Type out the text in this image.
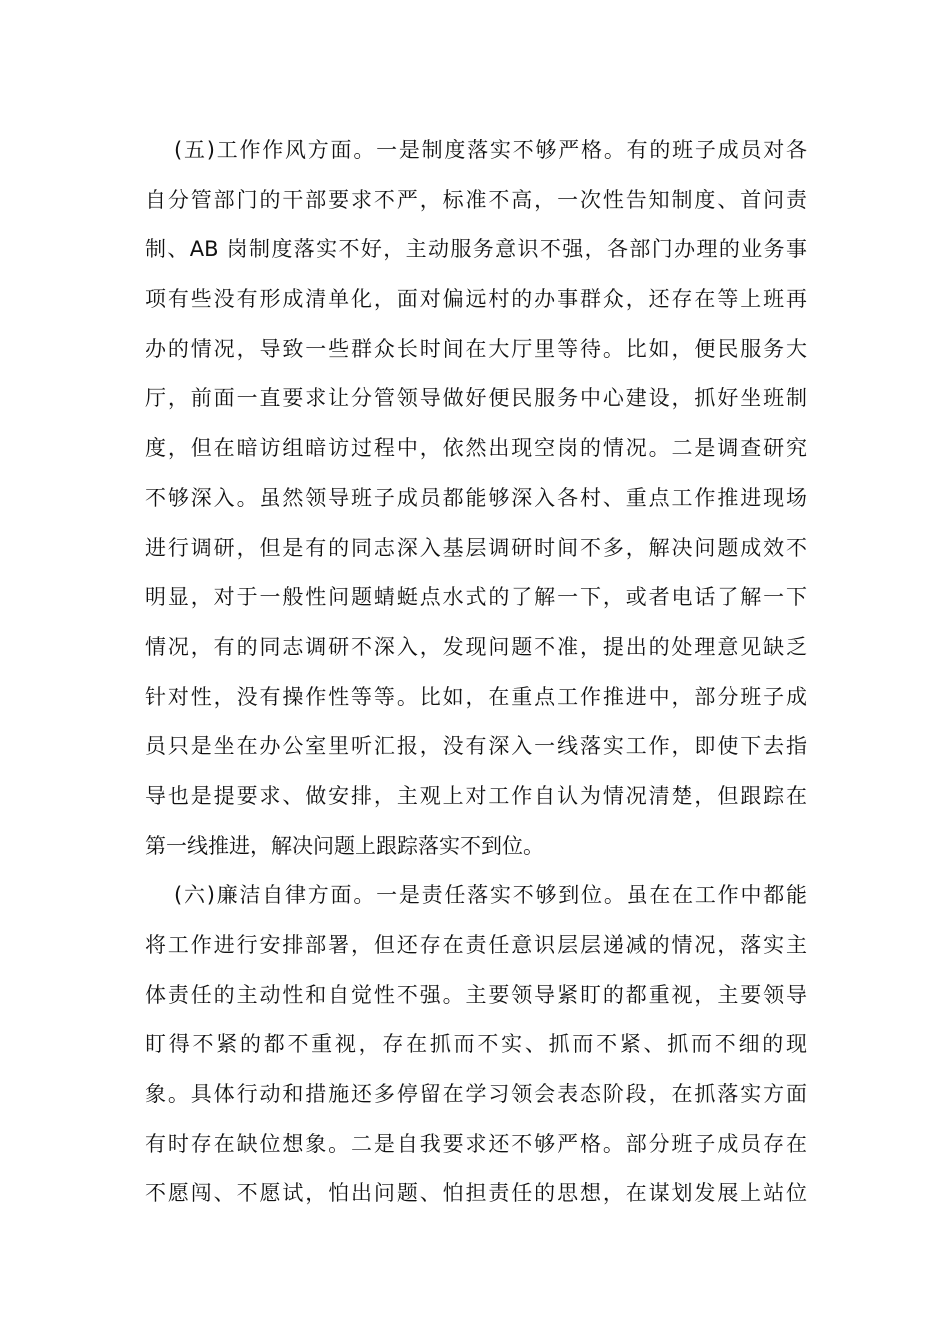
(五)工作作风方面。一是制度落实不够严格。有的班子成员对各
自分管部门的干部要求不严，标准不高，一次性告知制度、首问责
制、AB 岗制度落实不好，主动服务意识不强，各部门办理的业务事
项有些没有形成清单化，面对偏远村的办事群众，还存在等上班再
办的情况，导致一些群众长时间在大厅里等待。比如，便民服务大
厅，前面一直要求让分管领导做好便民服务中心建设，抓好坐班制
度，但在暗访组暗访过程中，依然出现空岗的情况。二是调查研究
不够深入。虽然领导班子成员都能够深入各村、重点工作推进现场
进行调研，但是有的同志深入基层调研时间不多，解决问题成效不
明显，对于一般性问题蜻蜓点水式的了解一下，或者电话了解一下
情况，有的同志调研不深入，发现问题不准，提出的处理意见缺乏
针对性，没有操作性等等。比如，在重点工作推进中，部分班子成
员只是坐在办公室里听汇报，没有深入一线落实工作，即使下去指
导也是提要求、做安排，主观上对工作自认为情况清楚，但跟踪在
第一线推进，解决问题上跟踪落实不到位。
(六)廉洁自律方面。一是责任落实不够到位。虽在在工作中都能
将工作进行安排部署，但还存在责任意识层层递减的情况，落实主
体责任的主动性和自觉性不强。主要领导紧盯的都重视，主要领导
盯得不紧的都不重视，存在抓而不实、抓而不紧、抓而不细的现
象。具体行动和措施还多停留在学习领会表态阶段，在抓落实方面
有时存在缺位想象。二是自我要求还不够严格。部分班子成员存在
不愿闯、不愿试，怕出问题、怕担责任的思想，在谋划发展上站位
